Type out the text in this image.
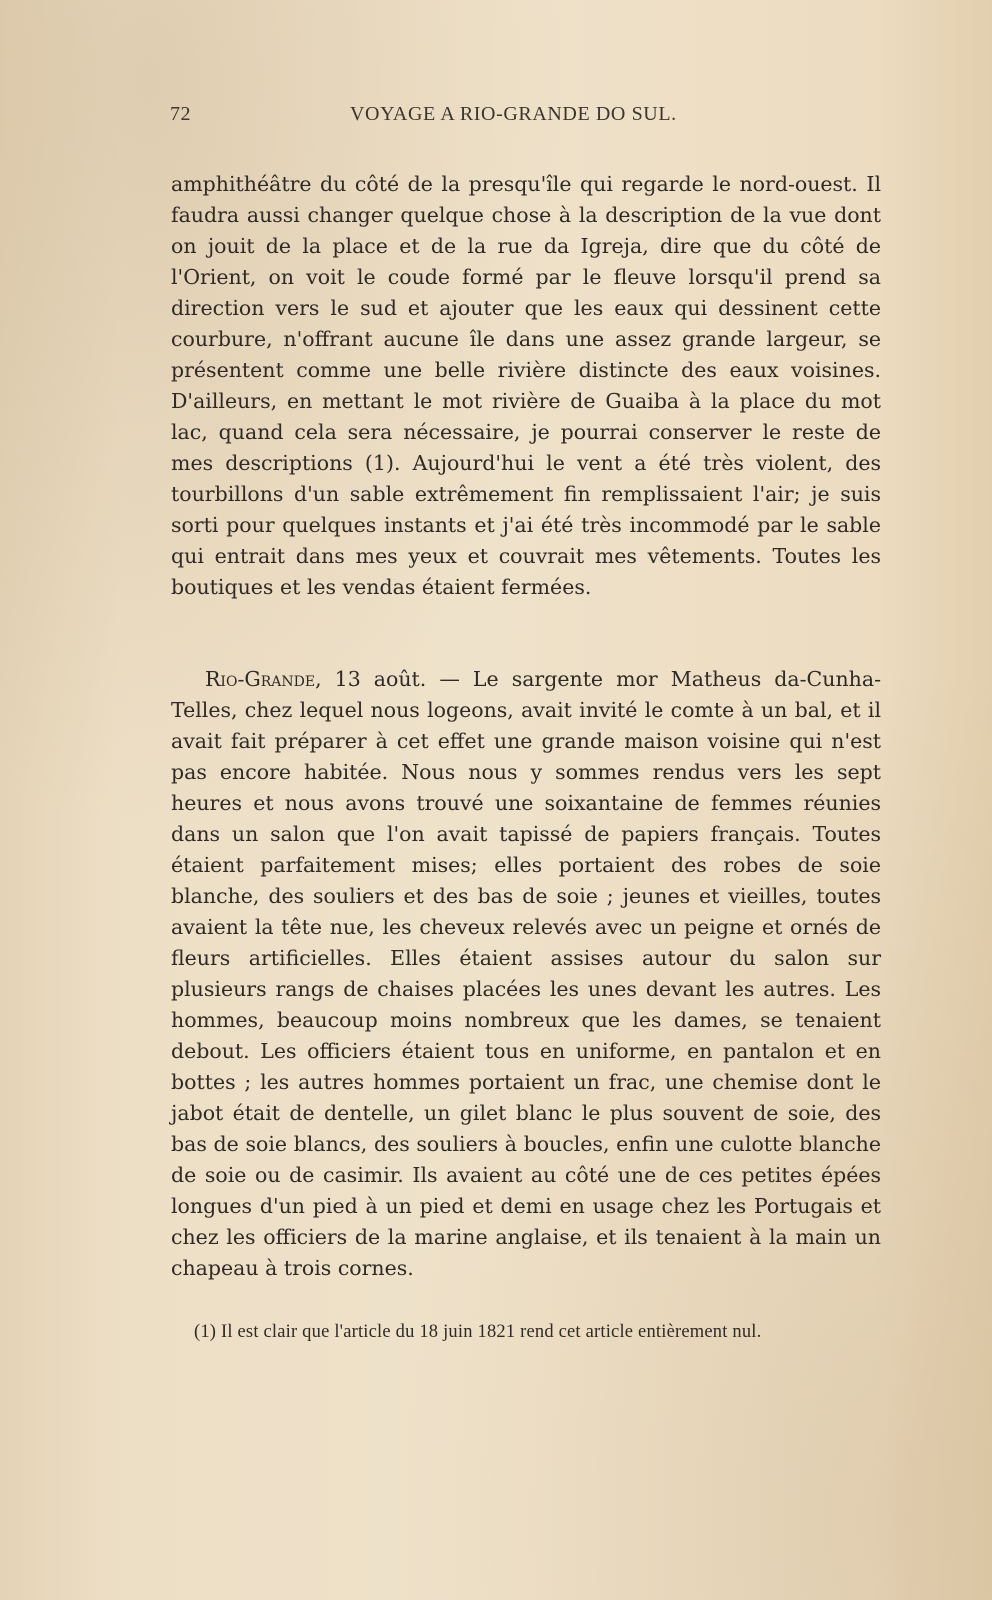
72	VOYAGE A RIO-GRANDE DO SUL.

amphithéâtre du côté de la presqu'île qui regarde le nord-ouest. Il faudra aussi changer quelque chose à la description de la vue dont on jouit de la place et de la rue da Igreja, dire que du côté de l'Orient, on voit le coude formé par le fleuve lorsqu'il prend sa direction vers le sud et ajouter que les eaux qui dessinent cette courbure, n'offrant aucune île dans une assez grande largeur, se présentent comme une belle rivière distincte des eaux voisines. D'ailleurs, en mettant le mot rivière de Guaiba à la place du mot lac, quand cela sera nécessaire, je pourrai conserver le reste de mes descriptions (1). Aujourd'hui le vent a été très violent, des tourbillons d'un sable extrêmement fin remplissaient l'air; je suis sorti pour quelques instants et j'ai été très incommodé par le sable qui entrait dans mes yeux et couvrait mes vêtements. Toutes les boutiques et les vendas étaient fermées.

Rio-Grande, 13 août. — Le sargente mor Matheus da-Cunha-Telles, chez lequel nous logeons, avait invité le comte à un bal, et il avait fait préparer à cet effet une grande maison voisine qui n'est pas encore habitée. Nous nous y sommes rendus vers les sept heures et nous avons trouvé une soixantaine de femmes réunies dans un salon que l'on avait tapissé de papiers français. Toutes étaient parfaitement mises; elles portaient des robes de soie blanche, des souliers et des bas de soie ; jeunes et vieilles, toutes avaient la tête nue, les cheveux relevés avec un peigne et ornés de fleurs artificielles. Elles étaient assises autour du salon sur plusieurs rangs de chaises placées les unes devant les autres. Les hommes, beaucoup moins nombreux que les dames, se tenaient debout. Les officiers étaient tous en uniforme, en pantalon et en bottes ; les autres hommes portaient un frac, une chemise dont le jabot était de dentelle, un gilet blanc le plus souvent de soie, des bas de soie blancs, des souliers à boucles, enfin une culotte blanche de soie ou de casimir. Ils avaient au côté une de ces petites épées longues d'un pied à un pied et demi en usage chez les Portugais et chez les officiers de la marine anglaise, et ils tenaient à la main un chapeau à trois cornes.

(1) Il est clair que l'article du 18 juin 1821 rend cet article entièrement nul.
